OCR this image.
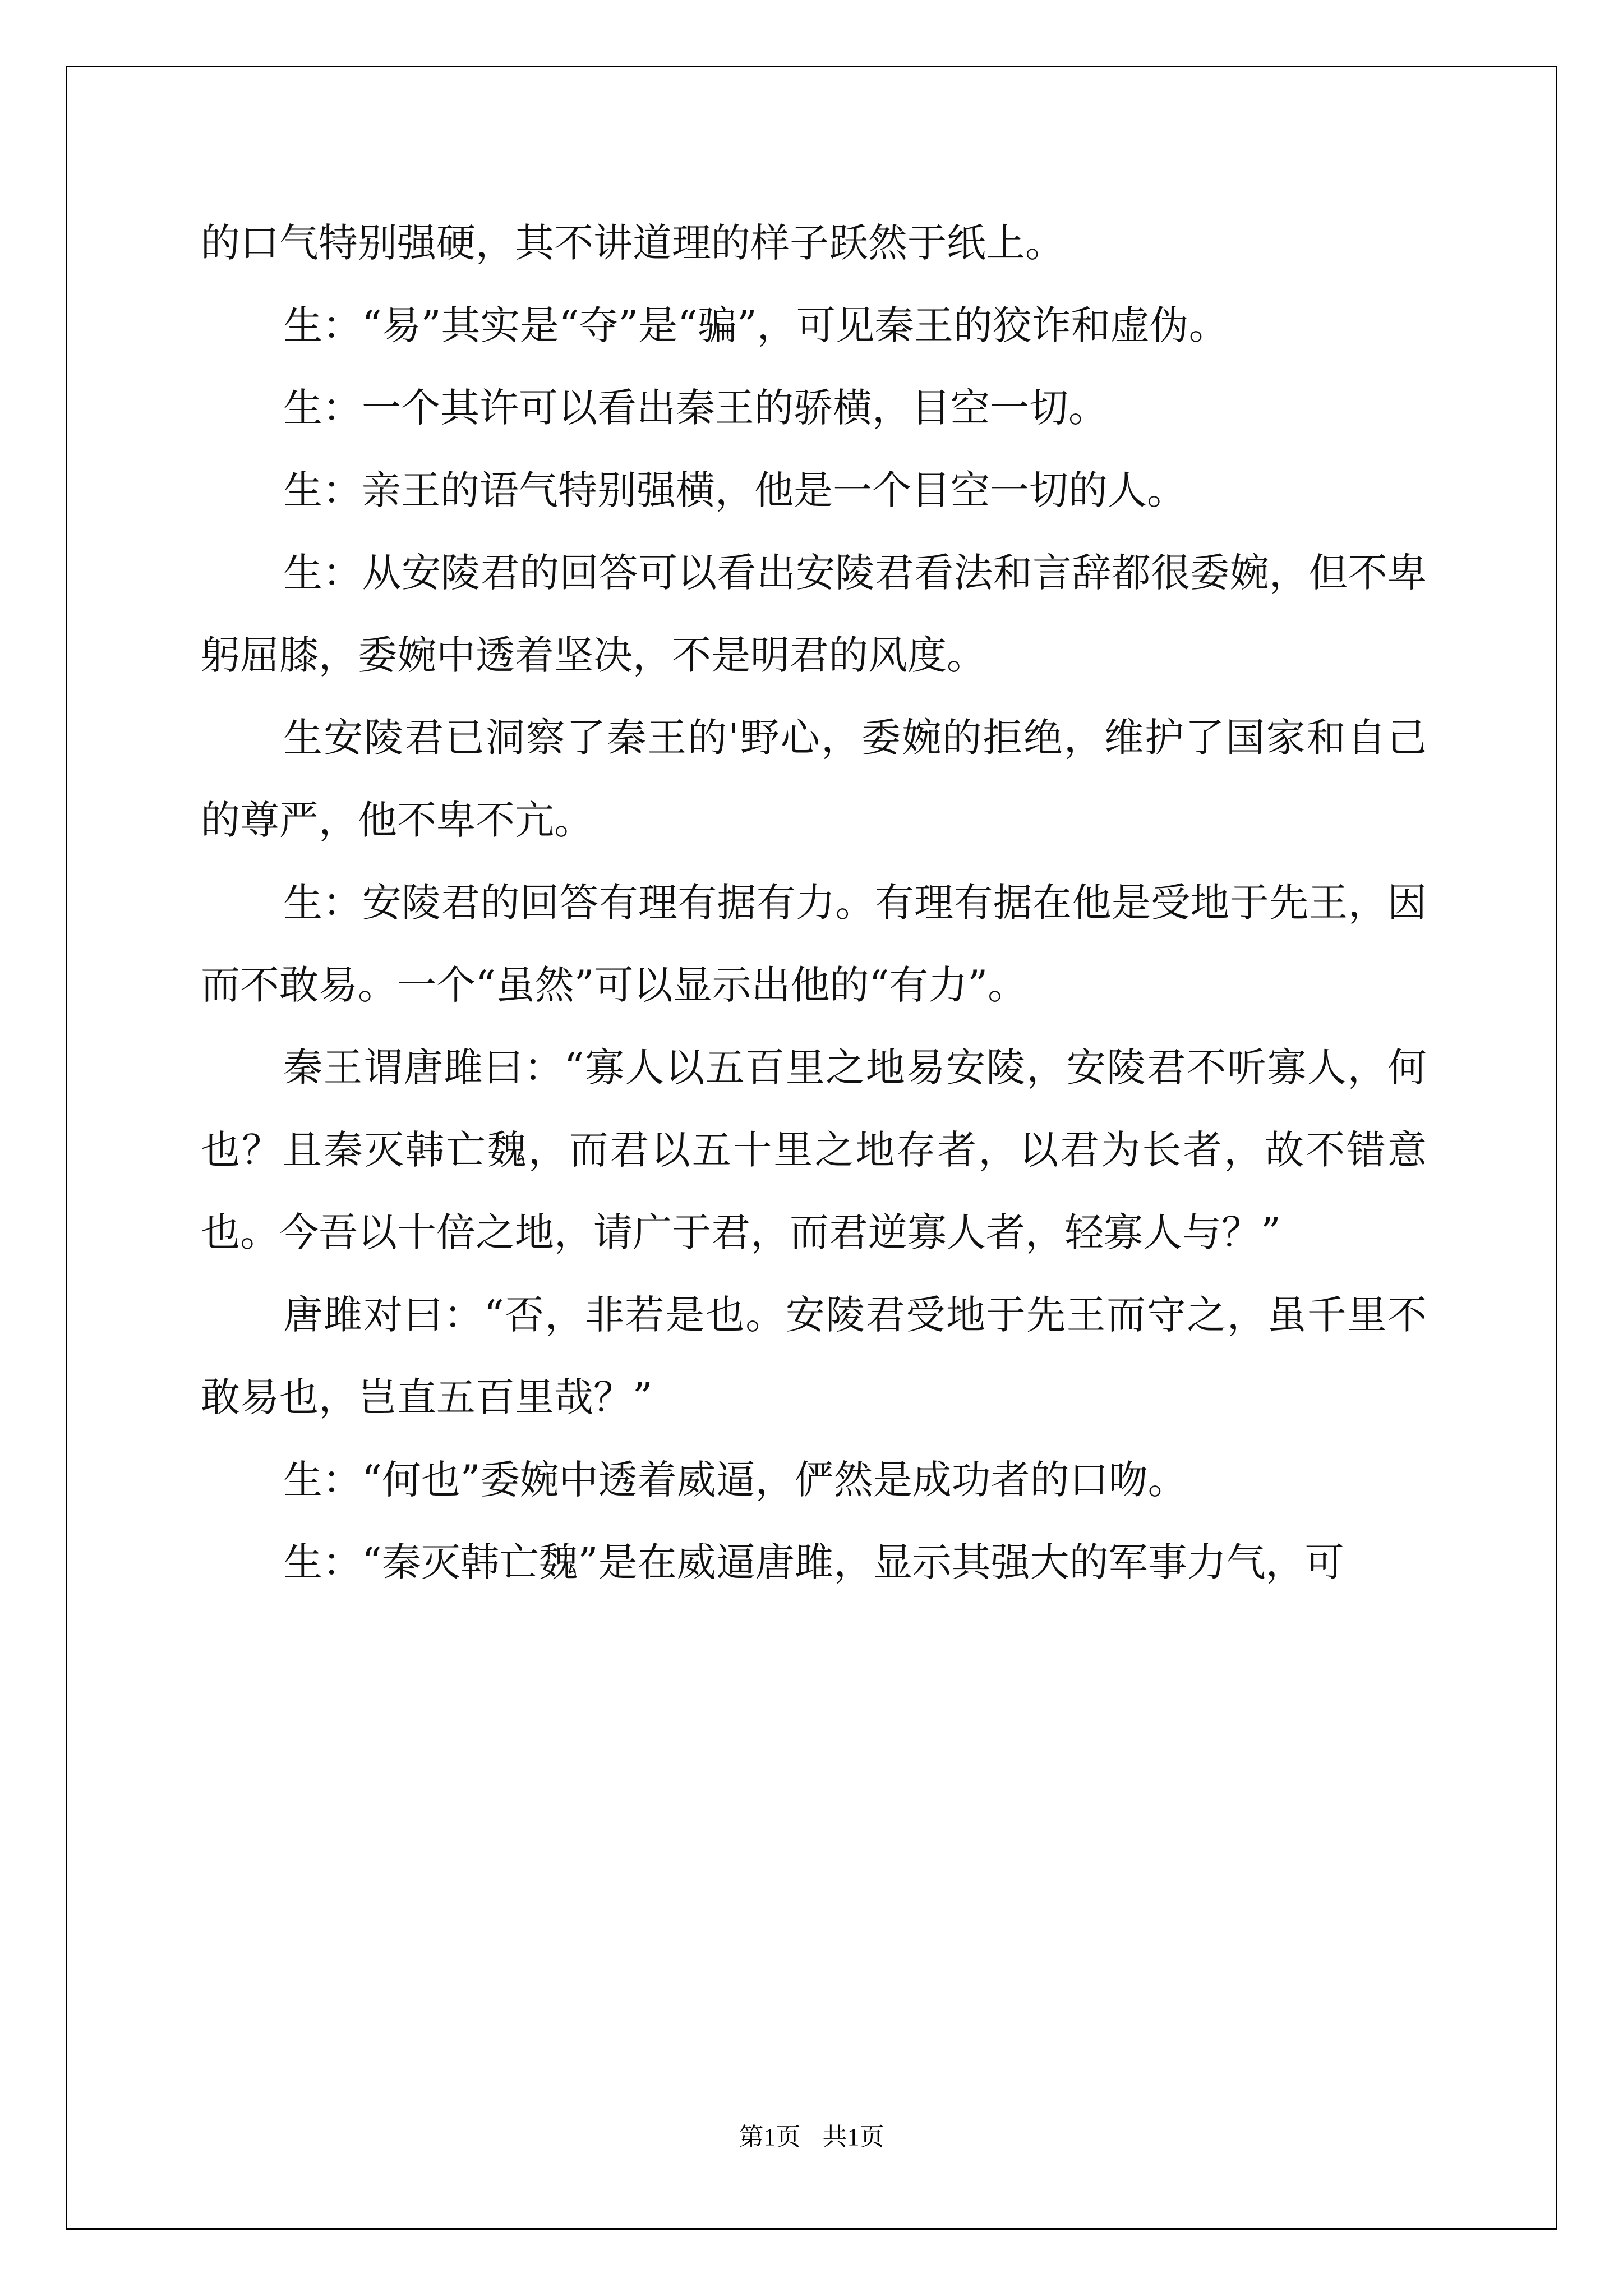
的口气特别强硬，其不讲道理的样子跃然于纸上。

生：“易”其实是“夺”是“骗”，可见秦王的狡诈和虚伪。

生：一个其许可以看出秦王的骄横，目空一切。

生：亲王的语气特别强横，他是一个目空一切的人。

生：从安陵君的回答可以看出安陵君看法和言辞都很委婉，但不卑躬屈膝，委婉中透着坚决，不是明君的风度。

生安陵君已洞察了秦王的'野心，委婉的拒绝，维护了国家和自己的尊严，他不卑不亢。

生：安陵君的回答有理有据有力。有理有据在他是受地于先王，因而不敢易。一个“虽然”可以显示出他的“有力”。

秦王谓唐雎曰：“寡人以五百里之地易安陵，安陵君不听寡人，何也？且秦灭韩亡魏，而君以五十里之地存者，以君为长者，故不错意也。今吾以十倍之地，请广于君，而君逆寡人者，轻寡人与？”

唐雎对曰：“否，非若是也。安陵君受地于先王而守之，虽千里不敢易也，岂直五百里哉？”

生：“何也”委婉中透着威逼，俨然是成功者的口吻。

生：“秦灭韩亡魏”是在威逼唐雎，显示其强大的军事力气，可

第1页 共1页
